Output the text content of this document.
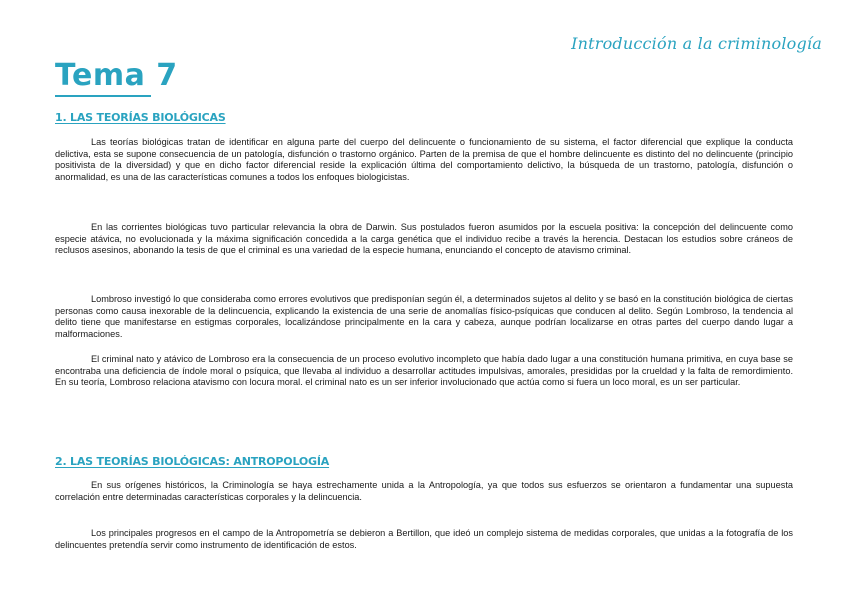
Introducción a la criminología
Tema 7
1. LAS TEORÍAS BIOLÓGICAS

Las teorías biológicas tratan de identificar en alguna parte del cuerpo del delincuente o funcionamiento de su sistema, el factor diferencial que explique la conducta delictiva, esta se supone consecuencia de un patología, disfunción o trastorno orgánico. Parten de la premisa de que el hombre delincuente es distinto del no delincuente (principio positivista de la diversidad) y que en dicho factor diferencial reside la explicación última del comportamiento delictivo, la búsqueda de un trastorno, patología, disfunción o anormalidad, es una de las características comunes a todos los enfoques biologicistas.

En las corrientes biológicas tuvo particular relevancia la obra de Darwin. Sus postulados fueron asumidos por la escuela positiva: la concepción del delincuente como especie atávica, no evolucionada y la máxima significación concedida a la carga genética que el individuo recibe a través la herencia. Destacan los estudios sobre cráneos de reclusos asesinos, abonando la tesis de que el criminal es una variedad de la especie humana, enunciando el concepto de atavismo criminal.

Lombroso investigó lo que consideraba como errores evolutivos que predisponían según él, a determinados sujetos al delito y se basó en la constitución biológica de ciertas personas como causa inexorable de la delincuencia, explicando la existencia de una serie de anomalías físico-psíquicas que conducen al delito. Según Lombroso, la tendencia al delito tiene que manifestarse en estigmas corporales, localizándose principalmente en la cara y cabeza, aunque podrían localizarse en otras partes del cuerpo dando lugar a malformaciones.

El criminal nato y atávico de Lombroso era la consecuencia de un proceso evolutivo incompleto que había dado lugar a una constitución humana primitiva, en cuya base se encontraba una deficiencia de índole moral o psíquica, que llevaba al individuo a desarrollar actitudes impulsivas, amorales, presididas por la crueldad y la falta de remordimiento. En su teoría, Lombroso relaciona atavismo con locura moral. el criminal nato es un ser inferior involucionado que actúa como si fuera un loco moral, es un ser particular.

2. LAS TEORÍAS BIOLÓGICAS: ANTROPOLOGÍA

En sus orígenes históricos, la Criminología se haya estrechamente unida a la Antropología, ya que todos sus esfuerzos se orientaron a fundamentar una supuesta correlación entre determinadas características corporales y la delincuencia.

Los principales progresos en el campo de la Antropometría se debieron a Bertillon, que ideó un complejo sistema de medidas corporales, que unidas a la fotografía de los delincuentes pretendía servir como instrumento de identificación de estos.
